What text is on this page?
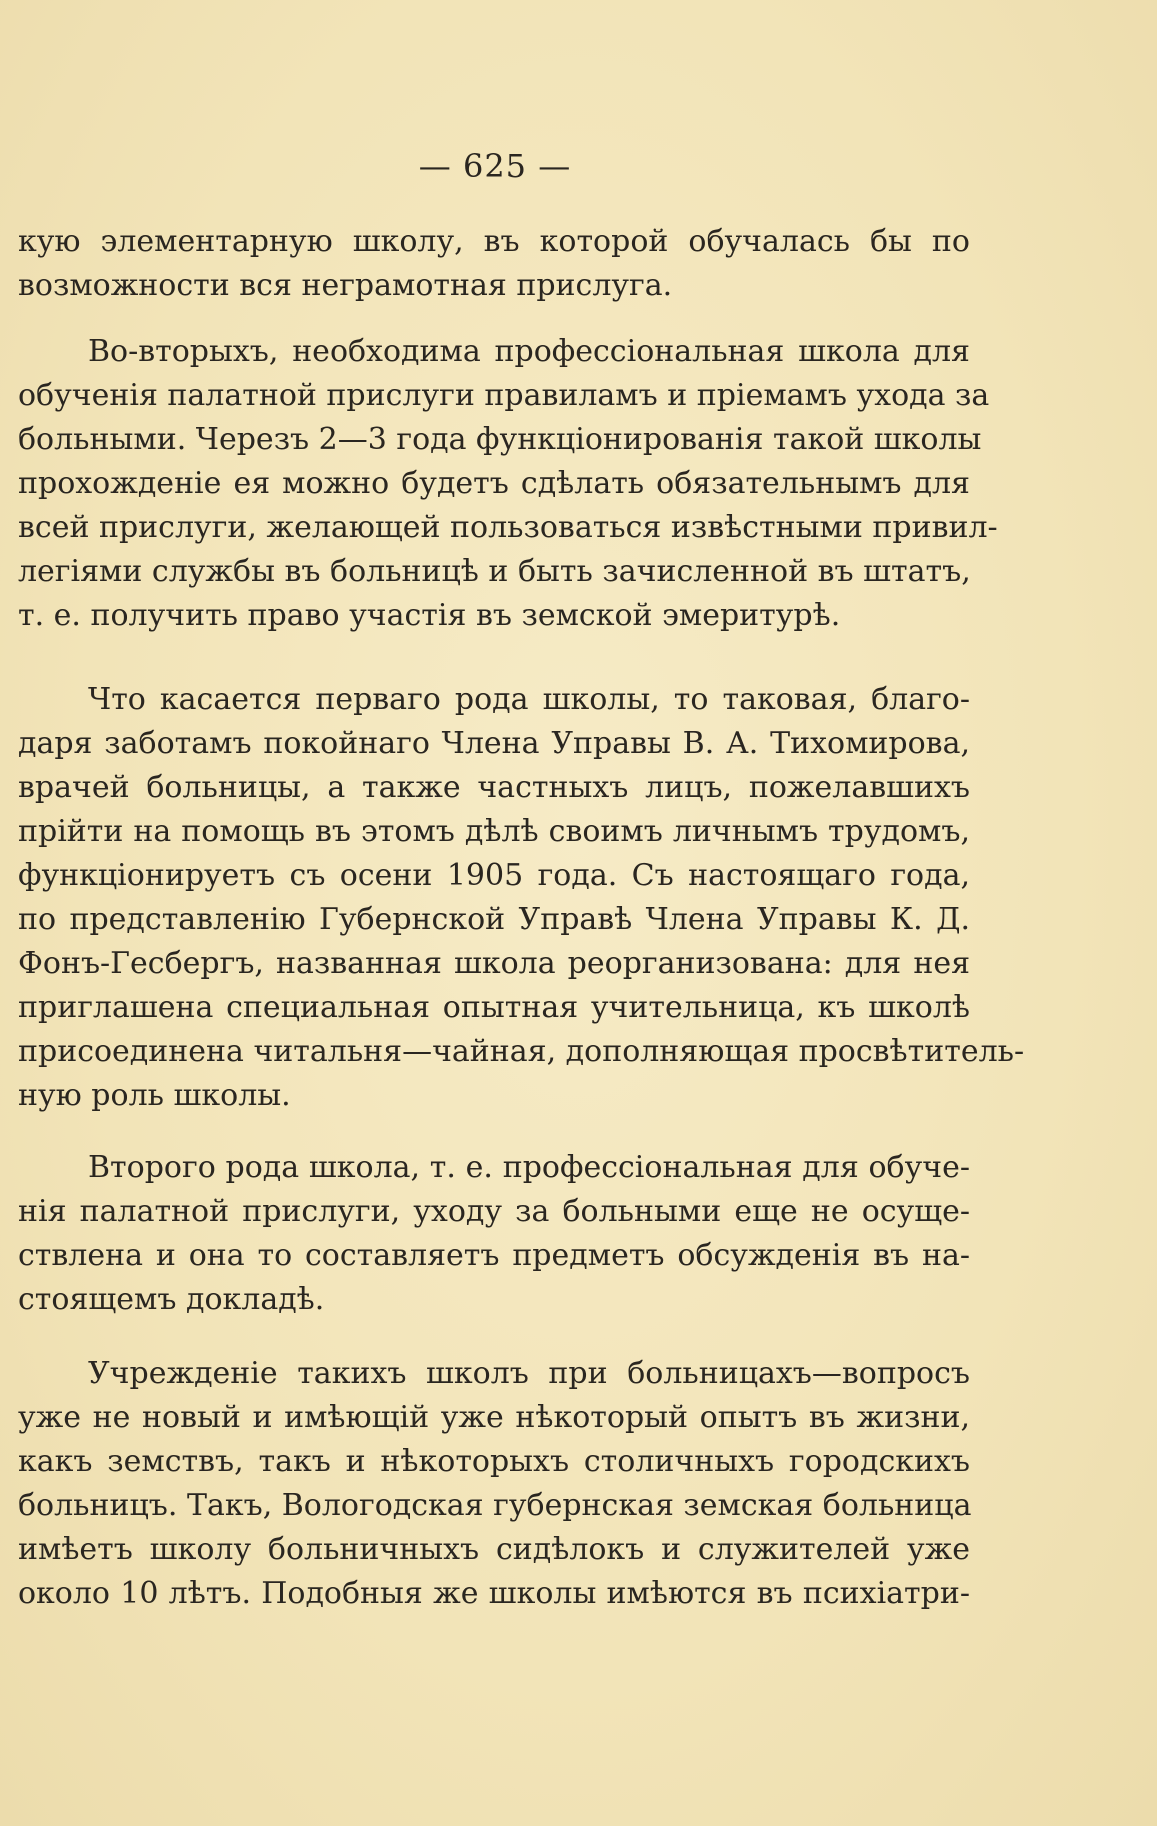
— 625 —
кую элементарную школу, въ которой обучалась бы по
возможности вся неграмотная прислуга.
Во-вторыхъ, необходима профессіональная школа для
обученія палатной прислуги правиламъ и пріемамъ ухода за
больными. Черезъ 2—3 года функціонированія такой школы
прохожденіе ея можно будетъ сдѣлать обязательнымъ для
всей прислуги, желающей пользоваться извѣстными привил-
легіями службы въ больницѣ и быть зачисленной въ штатъ,
т. е. получить право участія въ земской эмеритурѣ.
Что касается перваго рода школы, то таковая, благо-
даря заботамъ покойнаго Члена Управы В. А. Тихомирова,
врачей больницы, а также частныхъ лицъ, пожелавшихъ
прійти на помощь въ этомъ дѣлѣ своимъ личнымъ трудомъ,
функціонируетъ съ осени 1905 года. Съ настоящаго года,
по представленію Губернской Управѣ Члена Управы К. Д.
Фонъ-Гесбергъ, названная школа реорганизована: для нея
приглашена специальная опытная учительница, къ школѣ
присоединена читальня—чайная, дополняющая просвѣтитель-
ную роль школы.
Второго рода школа, т. е. профессіональная для обуче-
нія палатной прислуги, уходу за больными еще не осуще-
ствлена и она то составляетъ предметъ обсужденія въ на-
стоящемъ докладѣ.
Учрежденіе такихъ школъ при больницахъ—вопросъ
уже не новый и имѣющій уже нѣкоторый опытъ въ жизни,
какъ земствъ, такъ и нѣкоторыхъ столичныхъ городскихъ
больницъ. Такъ, Вологодская губернская земская больница
имѣетъ школу больничныхъ сидѣлокъ и служителей уже
около 10 лѣтъ. Подобныя же школы имѣются въ психіатри-
